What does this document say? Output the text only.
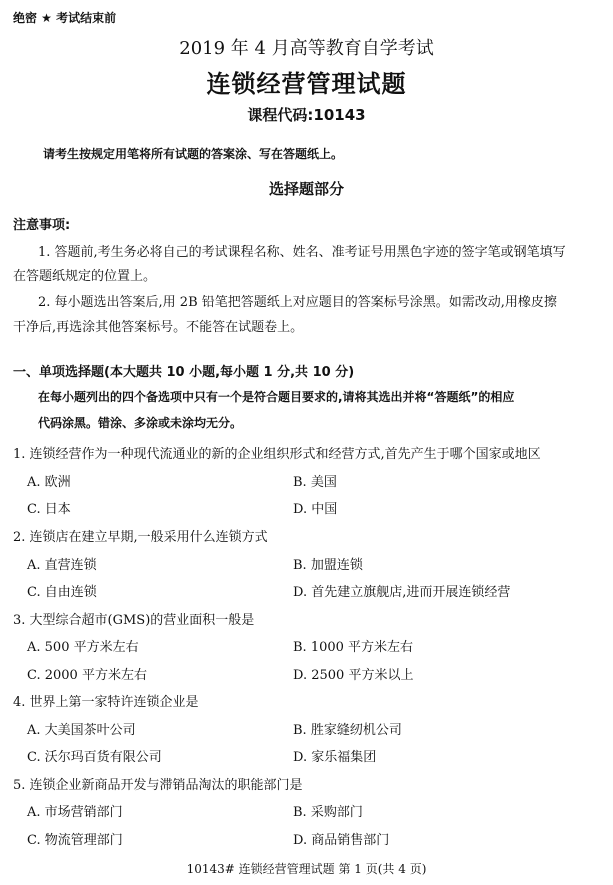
绝密 ★ 考试结束前
2019 年 4 月高等教育自学考试
连锁经营管理试题
课程代码:10143
请考生按规定用笔将所有试题的答案涂、写在答题纸上。
选择题部分
注意事项:
1. 答题前,考生务必将自己的考试课程名称、姓名、准考证号用黑色字迹的签字笔或钢笔填写
在答题纸规定的位置上。
2. 每小题选出答案后,用 2B 铅笔把答题纸上对应题目的答案标号涂黑。如需改动,用橡皮擦
干净后,再选涂其他答案标号。不能答在试题卷上。
一、单项选择题(本大题共 10 小题,每小题 1 分,共 10 分)
在每小题列出的四个备选项中只有一个是符合题目要求的,请将其选出并将“答题纸”的相应
代码涂黑。错涂、多涂或未涂均无分。
1. 连锁经营作为一种现代流通业的新的企业组织形式和经营方式,首先产生于哪个国家或地区
A. 欧洲	B. 美国
C. 日本	D. 中国
2. 连锁店在建立早期,一般采用什么连锁方式
A. 直营连锁	B. 加盟连锁
C. 自由连锁	D. 首先建立旗舰店,进而开展连锁经营
3. 大型综合超市(GMS)的营业面积一般是
A. 500 平方米左右	B. 1000 平方米左右
C. 2000 平方米左右	D. 2500 平方米以上
4. 世界上第一家特许连锁企业是
A. 大美国茶叶公司	B. 胜家缝纫机公司
C. 沃尔玛百货有限公司	D. 家乐福集团
5. 连锁企业新商品开发与滞销品淘汰的职能部门是
A. 市场营销部门	B. 采购部门
C. 物流管理部门	D. 商品销售部门
10143# 连锁经营管理试题 第 1 页(共 4 页)
